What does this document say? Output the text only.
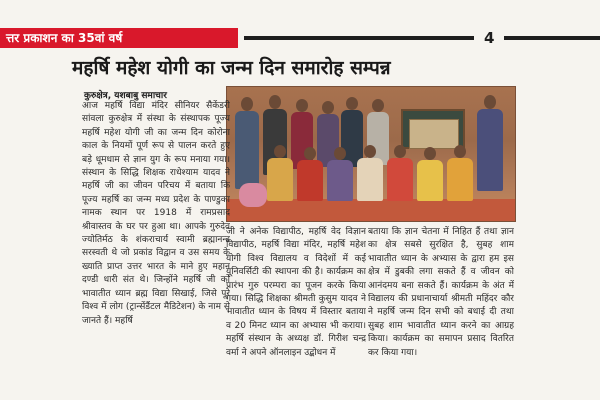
त्तर प्रकाशन का 35वां वर्ष	4
महर्षि महेश योगी का जन्म दिन समारोह सम्पन्न
कुरुक्षेत्र, यशबाबु समाचार

आज महर्षि विद्या मंदिर सीनियर सैकेंडरी सांवला कुरुक्षेत्र में संस्था के संस्थापक पूज्य महर्षि महेश योगी जी का जन्म दिन कोरोना काल के नियमों पूर्ण रूप से पालन करते हुए बड़े धूमधाम से ज्ञान युग के रूप मनाया गया। संस्थान के सिद्धि शिक्षक राधेश्याम यादव ने महर्षि जी का जीवन परिचय में बताया कि पूज्य महर्षि का जन्म मध्य प्रदेश के पाण्डुका नामक स्थान पर 1918 में रामप्रसाद श्रीवास्तव के घर पर हुआ था। आपके गुरुदेव ज्योतिर्मठ के शंकराचार्य स्वामी ब्रह्मानन्द सरस्वती थे जो प्रकांड विद्वान व उस समय के ख्याति प्राप्त उत्तर भारत के माने हुए महान दण्डी धारी संत थे। जिन्होंने महर्षि जी को भावातीत ध्यान ब्रह्म विद्या सिखाई, जिसे पूरे विश्व में लोग (ट्रान्सेंडैंटल मैडिटेशन) के नाम से जानते हैं। महर्षि

जी ने अनेक विद्यापीठ, महर्षि वेद विज्ञान विद्यापीठ, महर्षि विद्या मंदिर, महर्षि महेश योगी विश्व विद्यालय व विदेशों में कई यूनिवर्सिटी की स्थापना की है। कार्यक्रम का प्रारंभ गुरु परम्परा का पूजन करके किया गया। सिद्धि शिक्षका श्रीमती कुसुम यादव ने भावातीत ध्यान के विषय में विस्तार बताया व 20 मिनट ध्यान का अभ्यास भी कराया। महर्षि संस्थान के अध्यक्ष डॉ. गिरीश चन्द्र वर्मा ने अपने ऑनलाइन उद्बोधन में

बताया कि ज्ञान चेतना में निहित हैं तथा ज्ञान का क्षेत्र सबसे सुरक्षित है, सुबह शाम भावातीत ध्यान के अभ्यास के द्वारा हम इस क्षेत्र में डुबकी लगा सकते हैं व जीवन को आनंदमय बना सकते हैं। कार्यक्रम के अंत में विद्यालय की प्रधानाचार्या श्रीमती महिंदर कौर ने महर्षि जन्म दिन सभी को बधाई दी तथा सुबह शाम भावातीत ध्यान करने का आग्रह किया। कार्यक्रम का समापन प्रसाद वितरित कर किया गया।
